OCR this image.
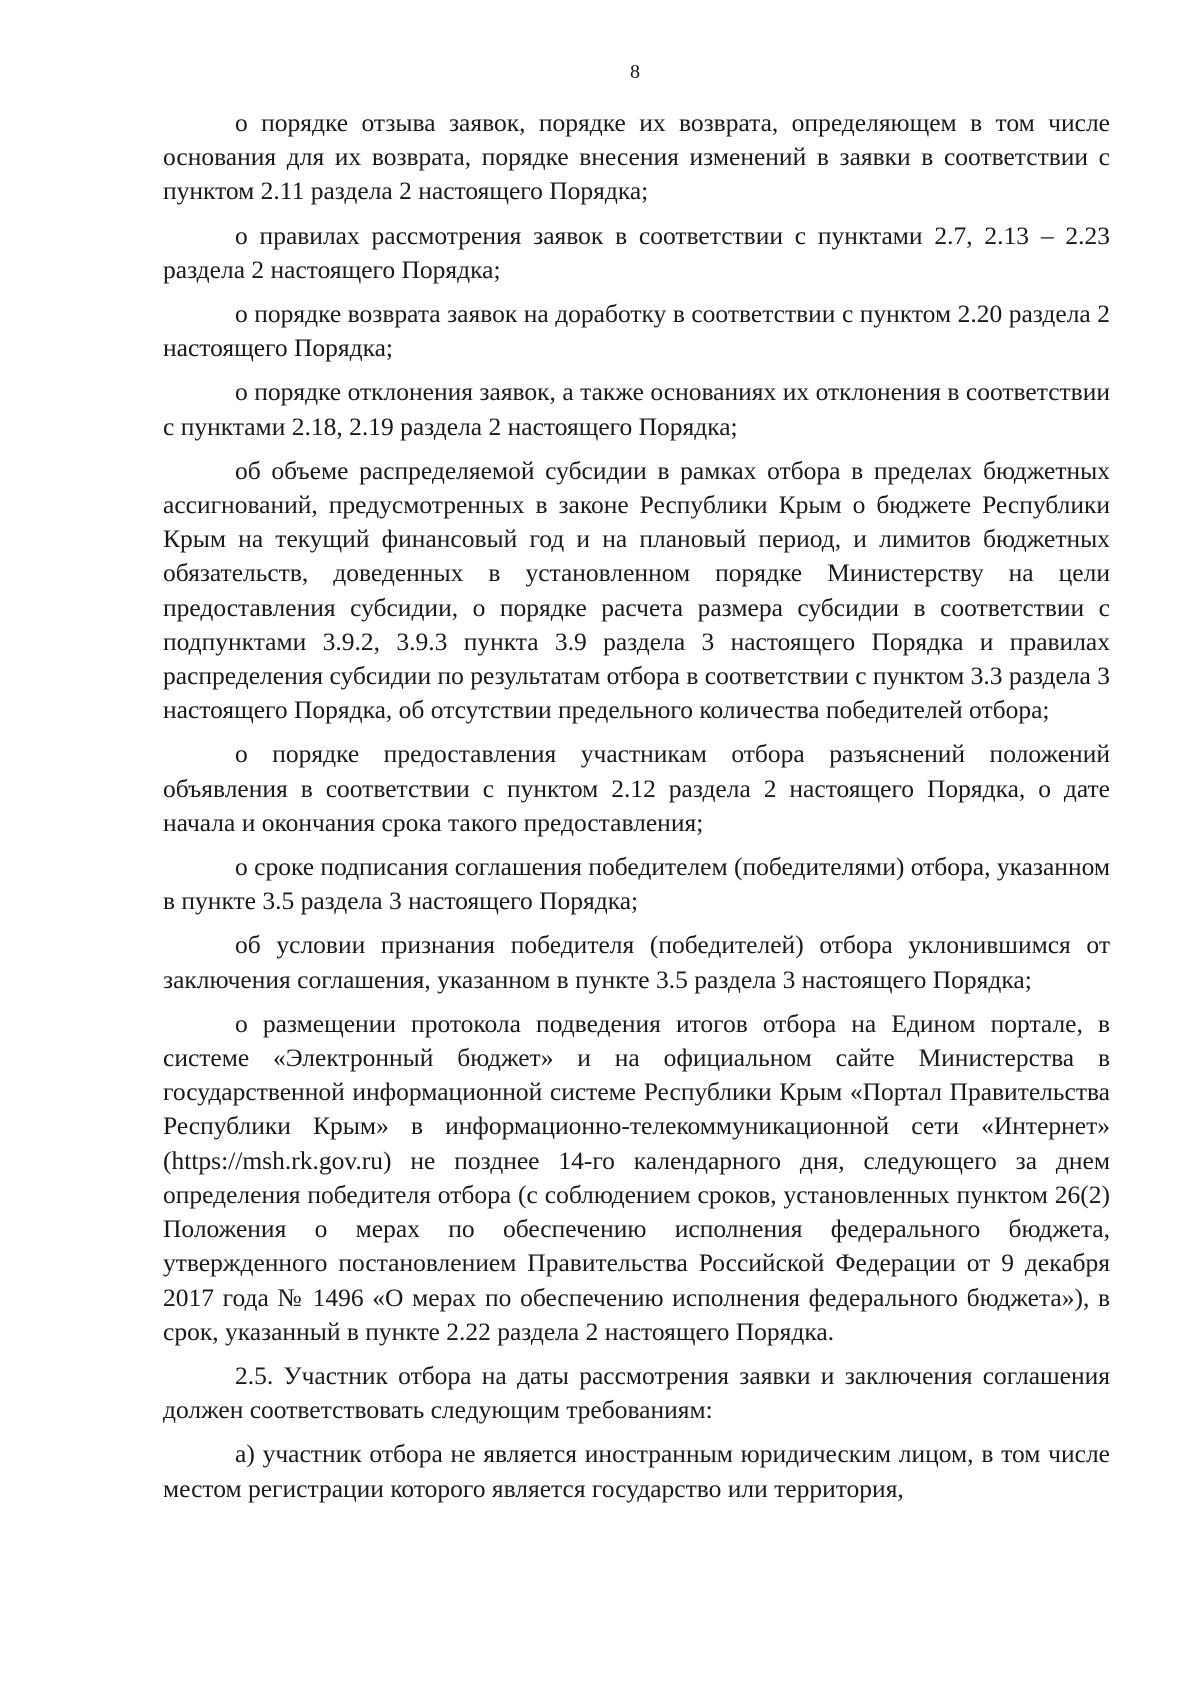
8

о порядке отзыва заявок, порядке их возврата, определяющем в том числе основания для их возврата, порядке внесения изменений в заявки в соответствии с пунктом 2.11 раздела 2 настоящего Порядка;

о правилах рассмотрения заявок в соответствии с пунктами 2.7, 2.13 – 2.23 раздела 2 настоящего Порядка;

о порядке возврата заявок на доработку в соответствии с пунктом 2.20 раздела 2 настоящего Порядка;

о порядке отклонения заявок, а также основаниях их отклонения в соответствии с пунктами 2.18, 2.19 раздела 2 настоящего Порядка;

об объеме распределяемой субсидии в рамках отбора в пределах бюджетных ассигнований, предусмотренных в законе Республики Крым о бюджете Республики Крым на текущий финансовый год и на плановый период, и лимитов бюджетных обязательств, доведенных в установленном порядке Министерству на цели предоставления субсидии, о порядке расчета размера субсидии в соответствии с подпунктами 3.9.2, 3.9.3 пункта 3.9 раздела 3 настоящего Порядка и правилах распределения субсидии по результатам отбора в соответствии с пунктом 3.3 раздела 3 настоящего Порядка, об отсутствии предельного количества победителей отбора;

о порядке предоставления участникам отбора разъяснений положений объявления в соответствии с пунктом 2.12 раздела 2 настоящего Порядка, о дате начала и окончания срока такого предоставления;

о сроке подписания соглашения победителем (победителями) отбора, указанном в пункте 3.5 раздела 3 настоящего Порядка;

об условии признания победителя (победителей) отбора уклонившимся от заключения соглашения, указанном в пункте 3.5 раздела 3 настоящего Порядка;

о размещении протокола подведения итогов отбора на Едином портале, в системе «Электронный бюджет» и на официальном сайте Министерства в государственной информационной системе Республики Крым «Портал Правительства Республики Крым» в информационно-телекоммуникационной сети «Интернет» (https://msh.rk.gov.ru) не позднее 14-го календарного дня, следующего за днем определения победителя отбора (с соблюдением сроков, установленных пунктом 26(2) Положения о мерах по обеспечению исполнения федерального бюджета, утвержденного постановлением Правительства Российской Федерации от 9 декабря 2017 года № 1496 «О мерах по обеспечению исполнения федерального бюджета»), в срок, указанный в пункте 2.22 раздела 2 настоящего Порядка.

2.5. Участник отбора на даты рассмотрения заявки и заключения соглашения должен соответствовать следующим требованиям:

а) участник отбора не является иностранным юридическим лицом, в том числе местом регистрации которого является государство или территория,
